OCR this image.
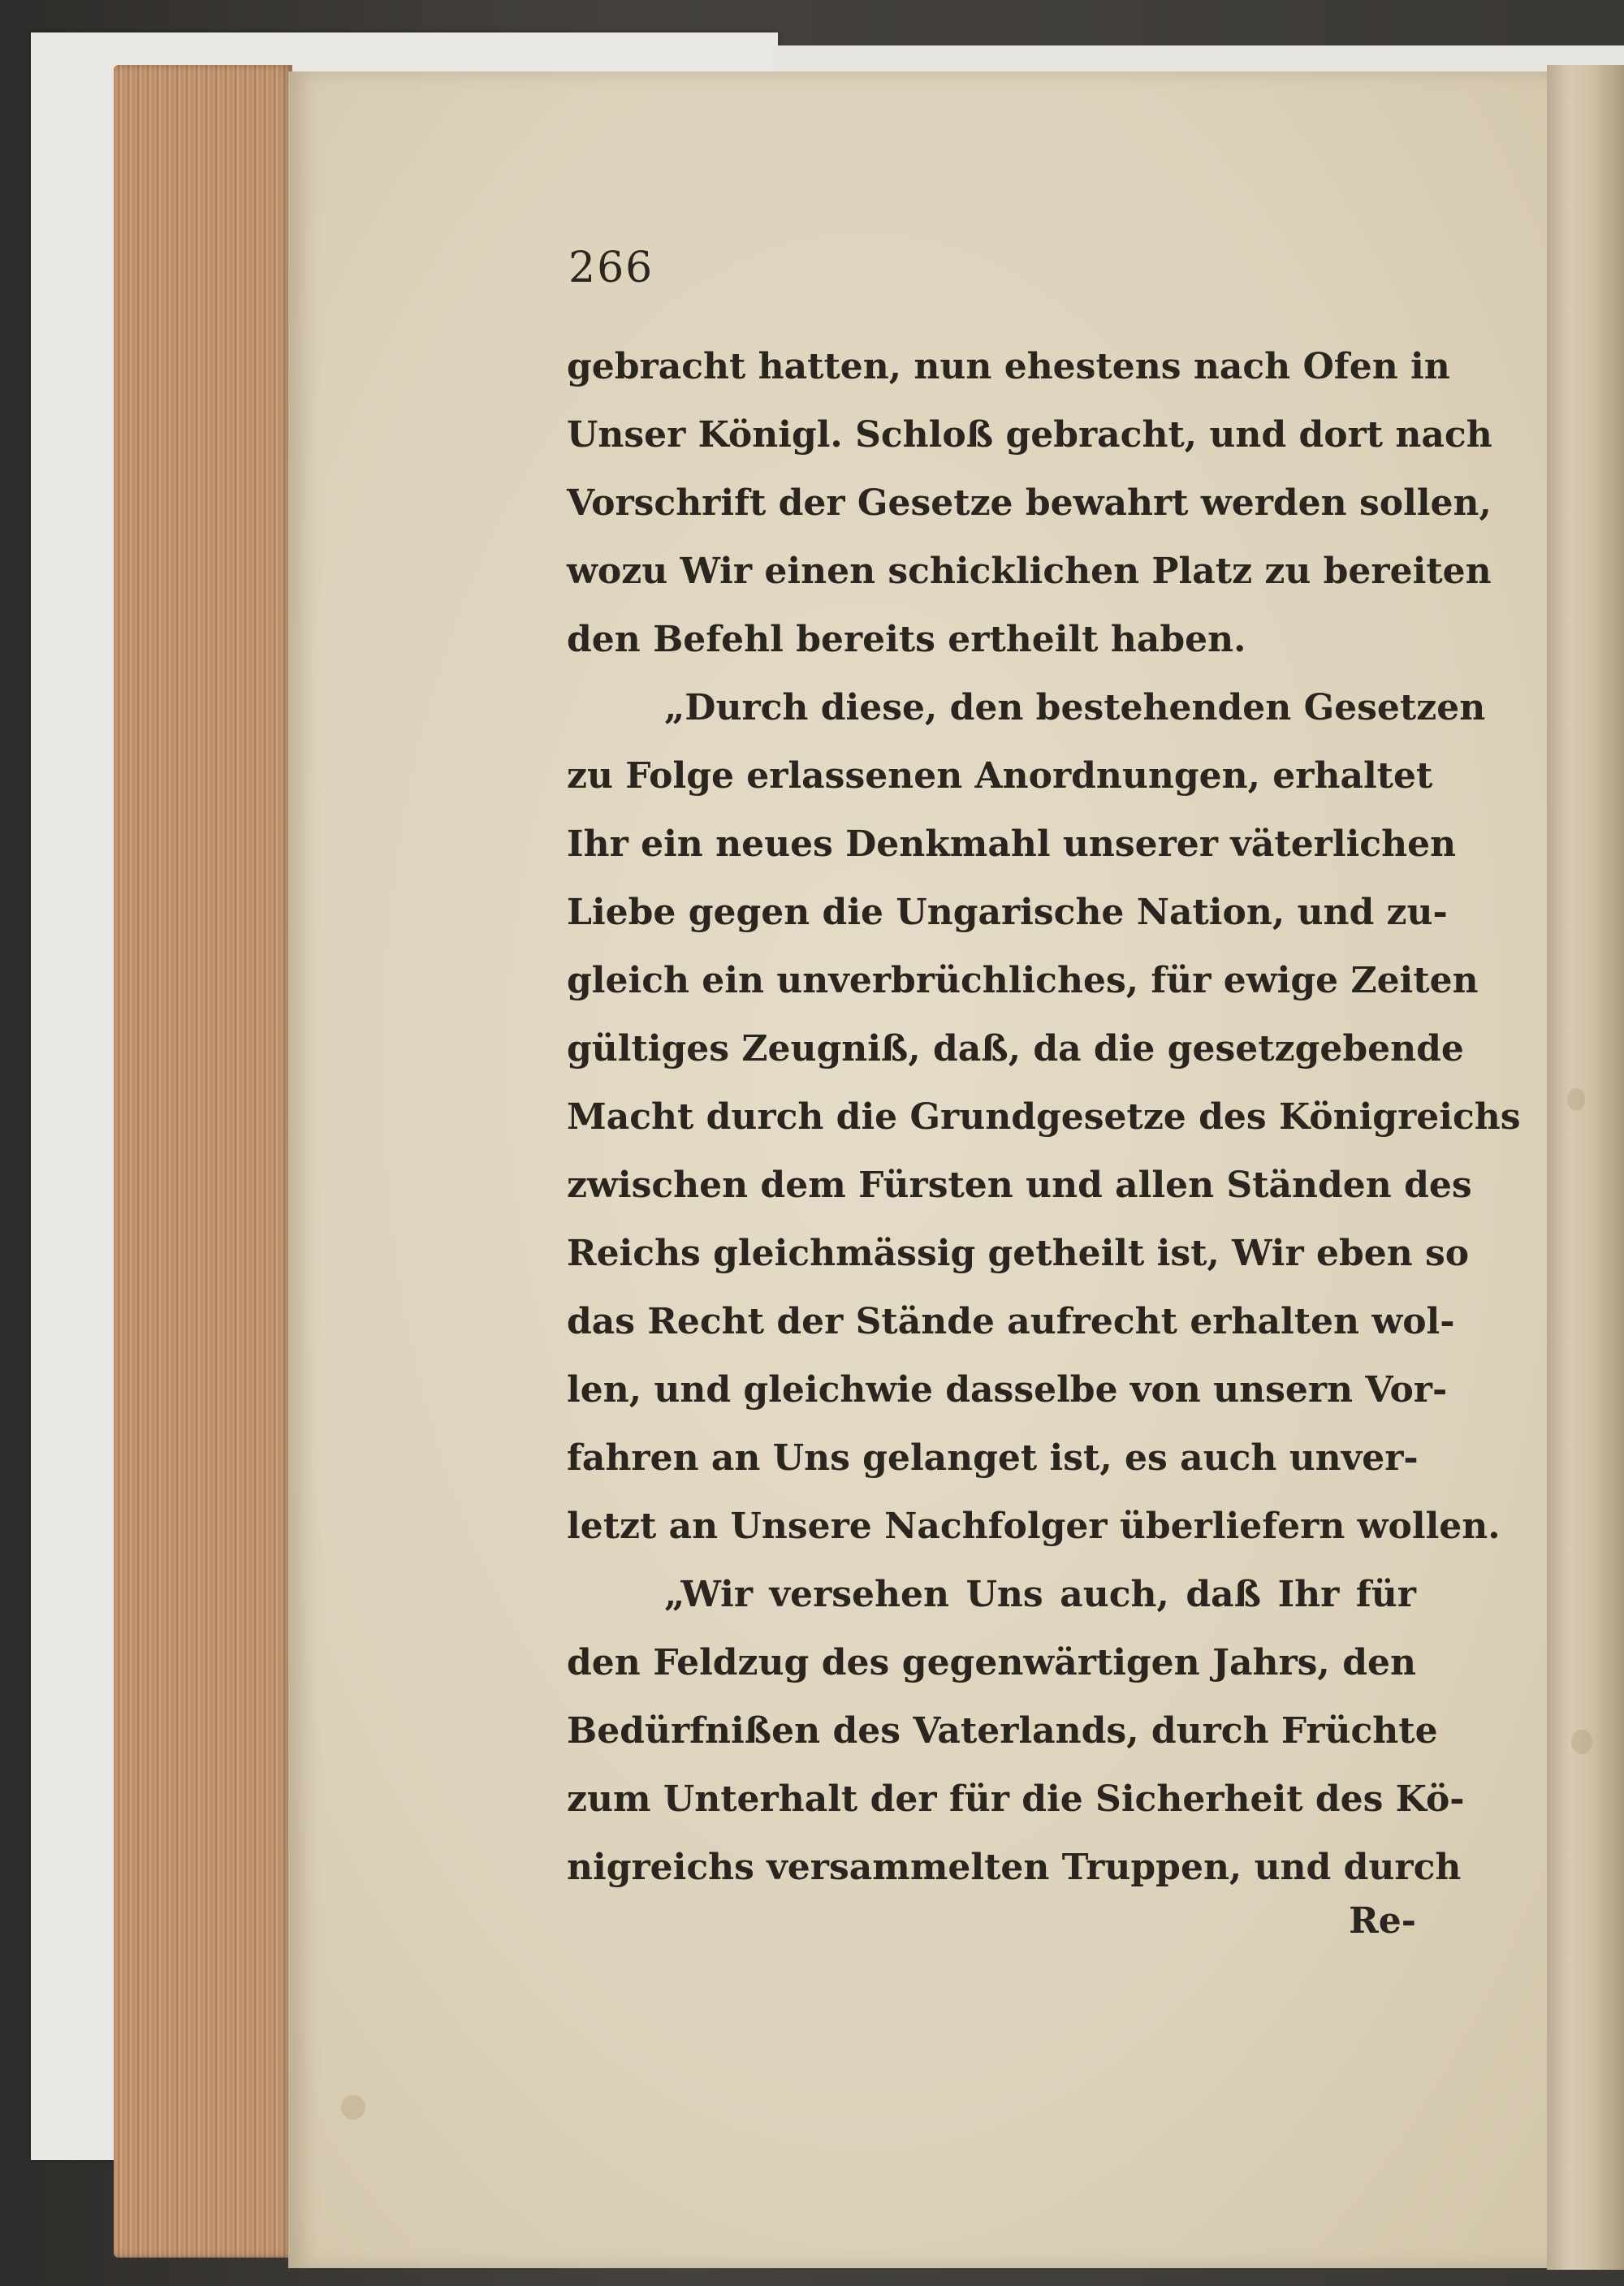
266
gebracht hatten, nun ehestens nach Ofen in
Unser Königl. Schloß gebracht, und dort nach
Vorschrift der Gesetze bewahrt werden sollen,
wozu Wir einen schicklichen Platz zu bereiten
den Befehl bereits ertheilt haben.
„Durch diese, den bestehenden Gesetzen
zu Folge erlassenen Anordnungen, erhaltet
Ihr ein neues Denkmahl unserer väterlichen
Liebe gegen die Ungarische Nation, und zu-
gleich ein unverbrüchliches, für ewige Zeiten
gültiges Zeugniß, daß, da die gesetzgebende
Macht durch die Grundgesetze des Königreichs
zwischen dem Fürsten und allen Ständen des
Reichs gleichmässig getheilt ist, Wir eben so
das Recht der Stände aufrecht erhalten wol-
len, und gleichwie dasselbe von unsern Vor-
fahren an Uns gelanget ist, es auch unver-
letzt an Unsere Nachfolger überliefern wollen.
„Wir versehen Uns auch, daß Ihr für
den Feldzug des gegenwärtigen Jahrs, den
Bedürfnißen des Vaterlands, durch Früchte
zum Unterhalt der für die Sicherheit des Kö-
nigreichs versammelten Truppen, und durch
Re-
